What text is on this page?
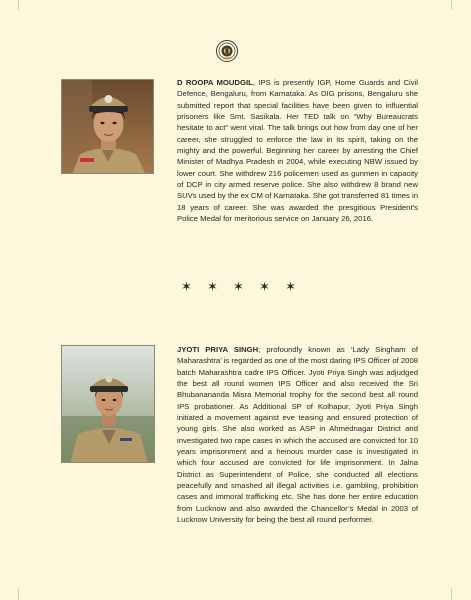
D ROOPA MOUDGIL, IPS is presently IGP, Home Guards and Civil Defence, Bengaluru, from Karnataka. As DIG prisons, Bengaluru she submitted report that special facilities have been given to influential prisoners like Smt. Sasikala. Her TED talk on “Why Bureaucrats hesitate to act” went viral. The talk brings out how from day one of her career, she struggled to enforce the law in its spirit, taking on the mighty and the powerful. Beginning her career by arresting the Chief Minister of Madhya Pradesh in 2004, while executing NBW issued by lower court. She withdrew 216 policemen used as gunmen in capacity of DCP in city armed reserve police. She also withdrew 8 brand new SUVs used by the ex CM of Karnataka. She got transferred 81 times in 18 years of career. She was awarded the presgitious President’s Police Medal for meritorious service on January 26, 2016.

✶ ✶ ✶ ✶ ✶

JYOTI PRIYA SINGH; profoundly known as ‘Lady Singham of Maharashtra’ is regarded as one of the most daring IPS Officer of 2008 batch Maharashtra cadre IPS Officer. Jyoti Priya Singh was adjudged the best all round women IPS Officer and also received the Sri Bhubanananda Misra Memorial trophy for the second best all round IPS probationer. As Additional SP of Kolhapur, Jyoti Priya Singh initiated a movement against eve teasing and ensured protection of young girls. She also worked as ASP in Ahmednagar District and investigated two rape cases in which the accused are convicted for 10 years imprisonment and a heinous murder case is investigated in which four accused are convicted for life imprisonment. In Jalna District as Superintendent of Police, she conducted all elections peacefully and smashed all illegal activities i.e. gambling, prohibition cases and immoral trafficking etc. She has done her entire education from Lucknow and also awarded the Chancellor’s Medal in 2003 of Lucknow University for being the best all round performer.
